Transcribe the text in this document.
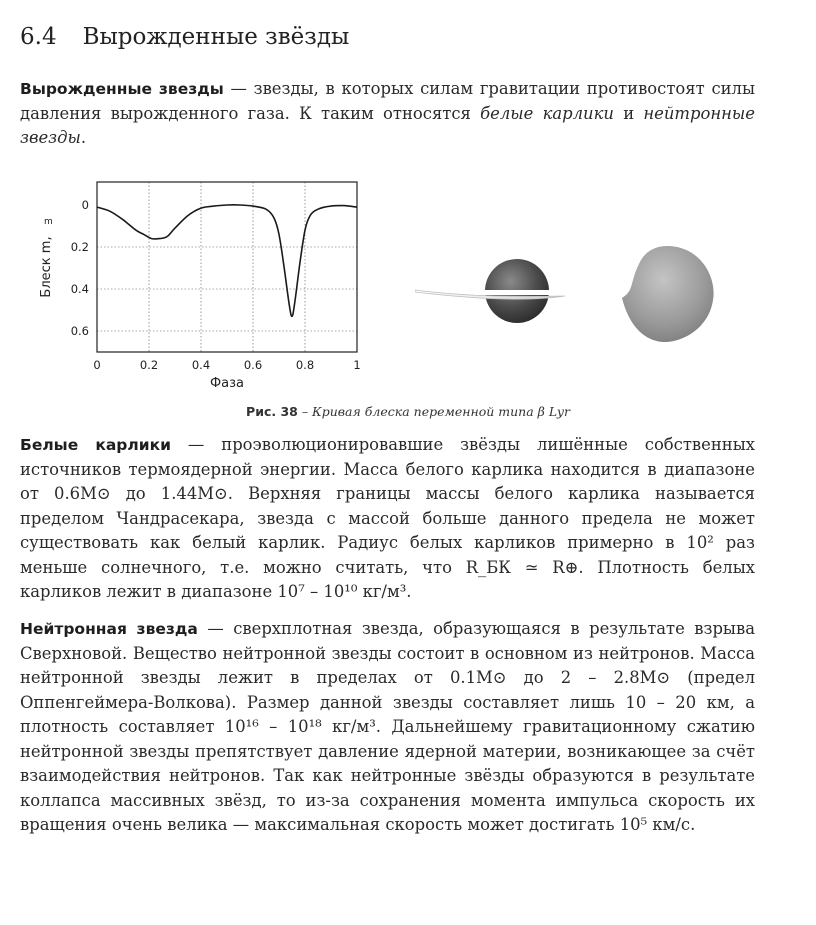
6.4 Вырожденные звёзды

Вырожденные звезды — звезды, в которых силам гравитации противостоят силы давления вырожденного газа. К таким относятся белые карлики и нейтронные звезды.

0	0.2	0.4	0.6	0.8	1
0
0.2
0.4
0.6
Фаза
Блеск m,
m

Рис. 38 – Кривая блеска переменной типа β Lyr

Белые карлики — проэволюционировавшие звёзды лишённые собственных источников термоядерной энергии. Масса белого карлика находится в диапазоне от 0.6M⊙ до 1.44M⊙. Верхняя границы массы белого карлика называется пределом Чандрасекара, звезда с массой больше данного предела не может существовать как белый карлик. Радиус белых карликов примерно в 10² раз меньше солнечного, т.е. можно считать, что R_БК ≃ R⊕. Плотность белых карликов лежит в диапазоне 10⁷ – 10¹⁰ кг/м³.

Нейтронная звезда — сверхплотная звезда, образующаяся в результате взрыва Сверхновой. Вещество нейтронной звезды состоит в основном из нейтронов. Масса нейтронной звезды лежит в пределах от 0.1M⊙ до 2 – 2.8M⊙ (предел Оппенгеймера-Волкова). Размер данной звезды составляет лишь 10 – 20 км, а плотность составляет 10¹⁶ – 10¹⁸ кг/м³. Дальнейшему гравитационному сжатию нейтронной звезды препятствует давление ядерной материи, возникающее за счёт взаимодействия нейтронов. Так как нейтронные звёзды образуются в результате коллапса массивных звёзд, то из-за сохранения момента импульса скорость их вращения очень велика — максимальная скорость может достигать 10⁵ км/с.
